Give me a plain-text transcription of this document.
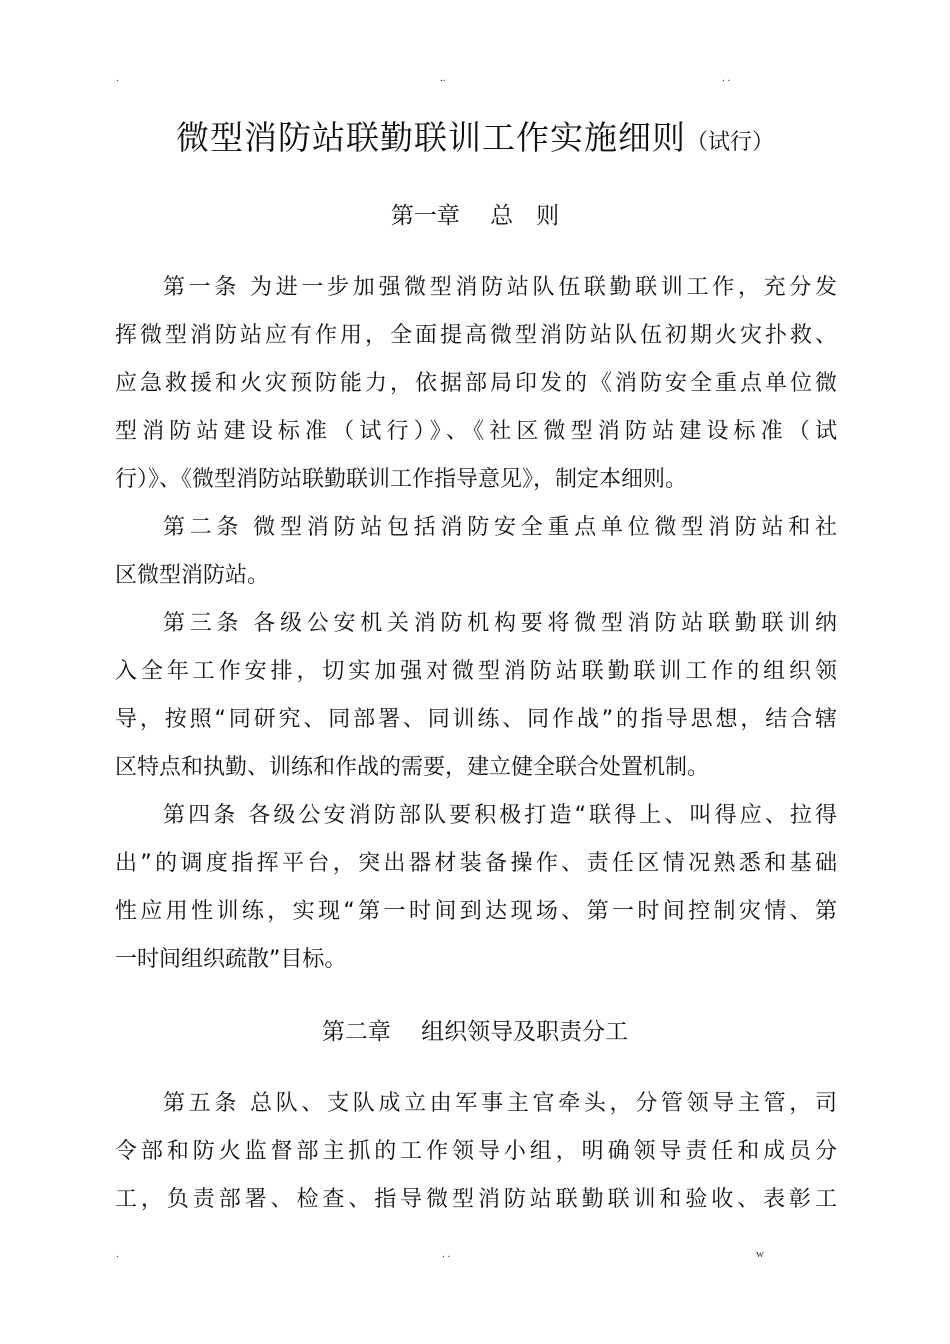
.	..	. .
微型消防站联勤联训工作实施细则（试行）
第一章　 总　则
第一条 为进一步加强微型消防站队伍联勤联训工作，充分发
挥微型消防站应有作用，全面提高微型消防站队伍初期火灾扑救、
应急救援和火灾预防能力，依据部局印发的《消防安全重点单位微
型消防站建设标准（试行）》、《社区微型消防站建设标准（试
行）》、《微型消防站联勤联训工作指导意见》，制定本细则。
第二条 微型消防站包括消防安全重点单位微型消防站和社
区微型消防站。
第三条 各级公安机关消防机构要将微型消防站联勤联训纳
入全年工作安排，切实加强对微型消防站联勤联训工作的组织领
导，按照“同研究、同部署、同训练、同作战”的指导思想，结合辖
区特点和执勤、训练和作战的需要，建立健全联合处置机制。
第四条 各级公安消防部队要积极打造“联得上、叫得应、拉得
出”的调度指挥平台，突出器材装备操作、责任区情况熟悉和基础
性应用性训练，实现“第一时间到达现场、第一时间控制灾情、第
一时间组织疏散”目标。
第二章　 组织领导及职责分工
第五条 总队、支队成立由军事主官牵头，分管领导主管，司
令部和防火监督部主抓的工作领导小组，明确领导责任和成员分
工，负责部署、检查、指导微型消防站联勤联训和验收、表彰工
.	. .	w
